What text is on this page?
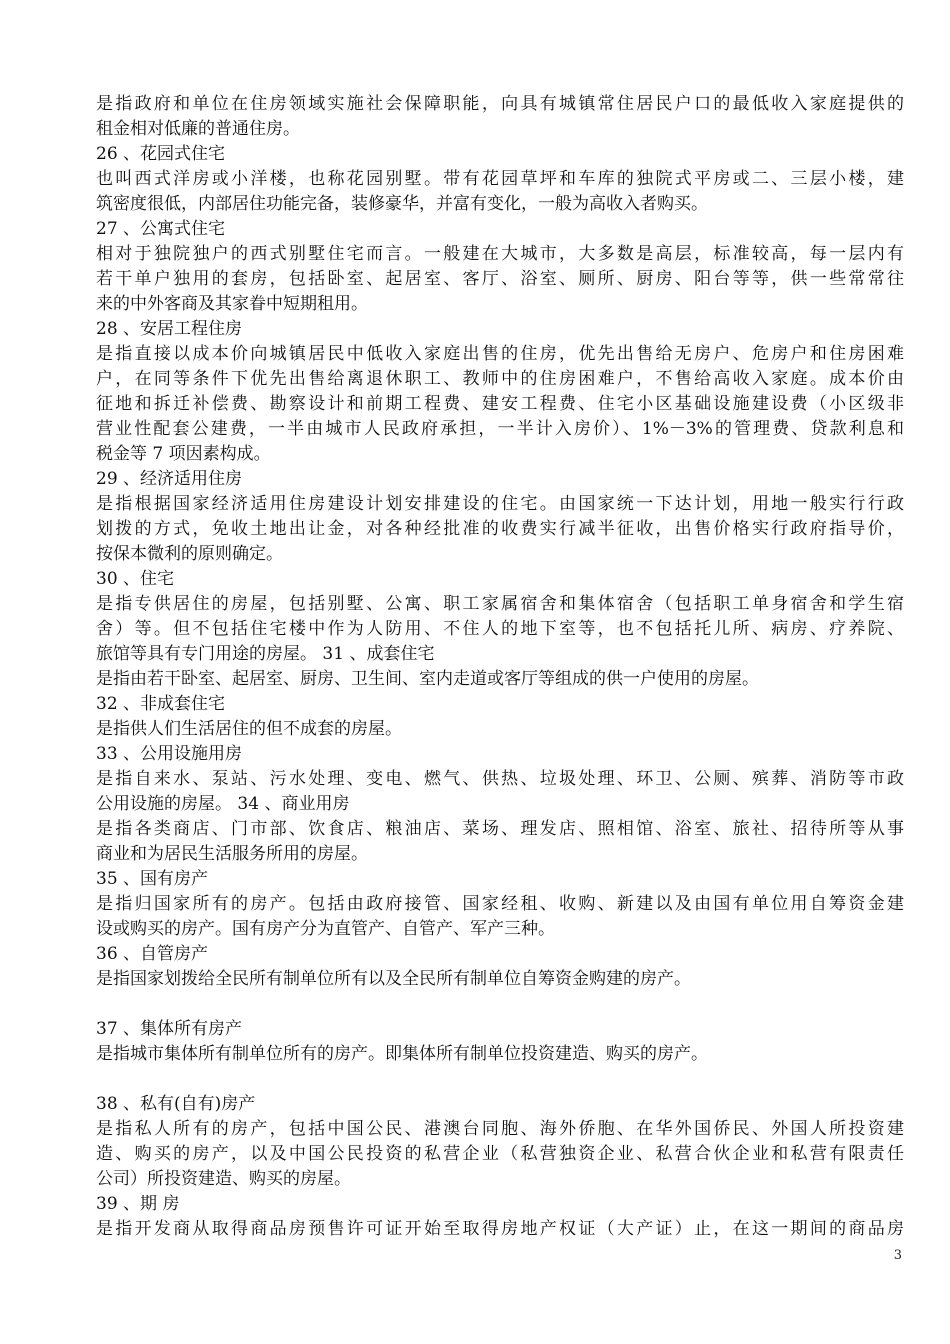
是指政府和单位在住房领域实施社会保障职能，向具有城镇常住居民户口的最低收入家庭提供的
租金相对低廉的普通住房。
26 、花园式住宅
也叫西式洋房或小洋楼，也称花园别墅。带有花园草坪和车库的独院式平房或二、三层小楼，建
筑密度很低，内部居住功能完备，装修豪华，并富有变化，一般为高收入者购买。
27 、公寓式住宅
相对于独院独户的西式别墅住宅而言。一般建在大城市，大多数是高层，标准较高，每一层内有
若干单户独用的套房，包括卧室、起居室、客厅、浴室、厕所、厨房、阳台等等，供一些常常往
来的中外客商及其家眷中短期租用。
28 、安居工程住房
是指直接以成本价向城镇居民中低收入家庭出售的住房，优先出售给无房户、危房户和住房困难
户，在同等条件下优先出售给离退休职工、教师中的住房困难户，不售给高收入家庭。成本价由
征地和拆迁补偿费、勘察设计和前期工程费、建安工程费、住宅小区基础设施建设费（小区级非
营业性配套公建费，一半由城市人民政府承担，一半计入房价）、1%－3%的管理费、贷款利息和
税金等 7 项因素构成。
29 、经济适用住房
是指根据国家经济适用住房建设计划安排建设的住宅。由国家统一下达计划，用地一般实行行政
划拨的方式，免收土地出让金，对各种经批准的收费实行减半征收，出售价格实行政府指导价，
按保本微利的原则确定。
30 、住宅
是指专供居住的房屋，包括别墅、公寓、职工家属宿舍和集体宿舍（包括职工单身宿舍和学生宿
舍）等。但不包括住宅楼中作为人防用、不住人的地下室等，也不包括托儿所、病房、疗养院、
旅馆等具有专门用途的房屋。 31 、成套住宅
是指由若干卧室、起居室、厨房、卫生间、室内走道或客厅等组成的供一户使用的房屋。
32 、非成套住宅
是指供人们生活居住的但不成套的房屋。
33 、公用设施用房
是指自来水、泵站、污水处理、变电、燃气、供热、垃圾处理、环卫、公厕、殡葬、消防等市政
公用设施的房屋。 34 、商业用房
是指各类商店、门市部、饮食店、粮油店、菜场、理发店、照相馆、浴室、旅社、招待所等从事
商业和为居民生活服务所用的房屋。
35 、国有房产
是指归国家所有的房产。包括由政府接管、国家经租、收购、新建以及由国有单位用自筹资金建
设或购买的房产。国有房产分为直管产、自管产、军产三种。
36 、自管房产
是指国家划拨给全民所有制单位所有以及全民所有制单位自筹资金购建的房产。
37 、集体所有房产
是指城市集体所有制单位所有的房产。即集体所有制单位投资建造、购买的房产。
38 、私有(自有)房产
是指私人所有的房产，包括中国公民、港澳台同胞、海外侨胞、在华外国侨民、外国人所投资建
造、购买的房产，以及中国公民投资的私营企业（私营独资企业、私营合伙企业和私营有限责任
公司）所投资建造、购买的房屋。
39 、期 房
是指开发商从取得商品房预售许可证开始至取得房地产权证（大产证）止，在这一期间的商品房
3
